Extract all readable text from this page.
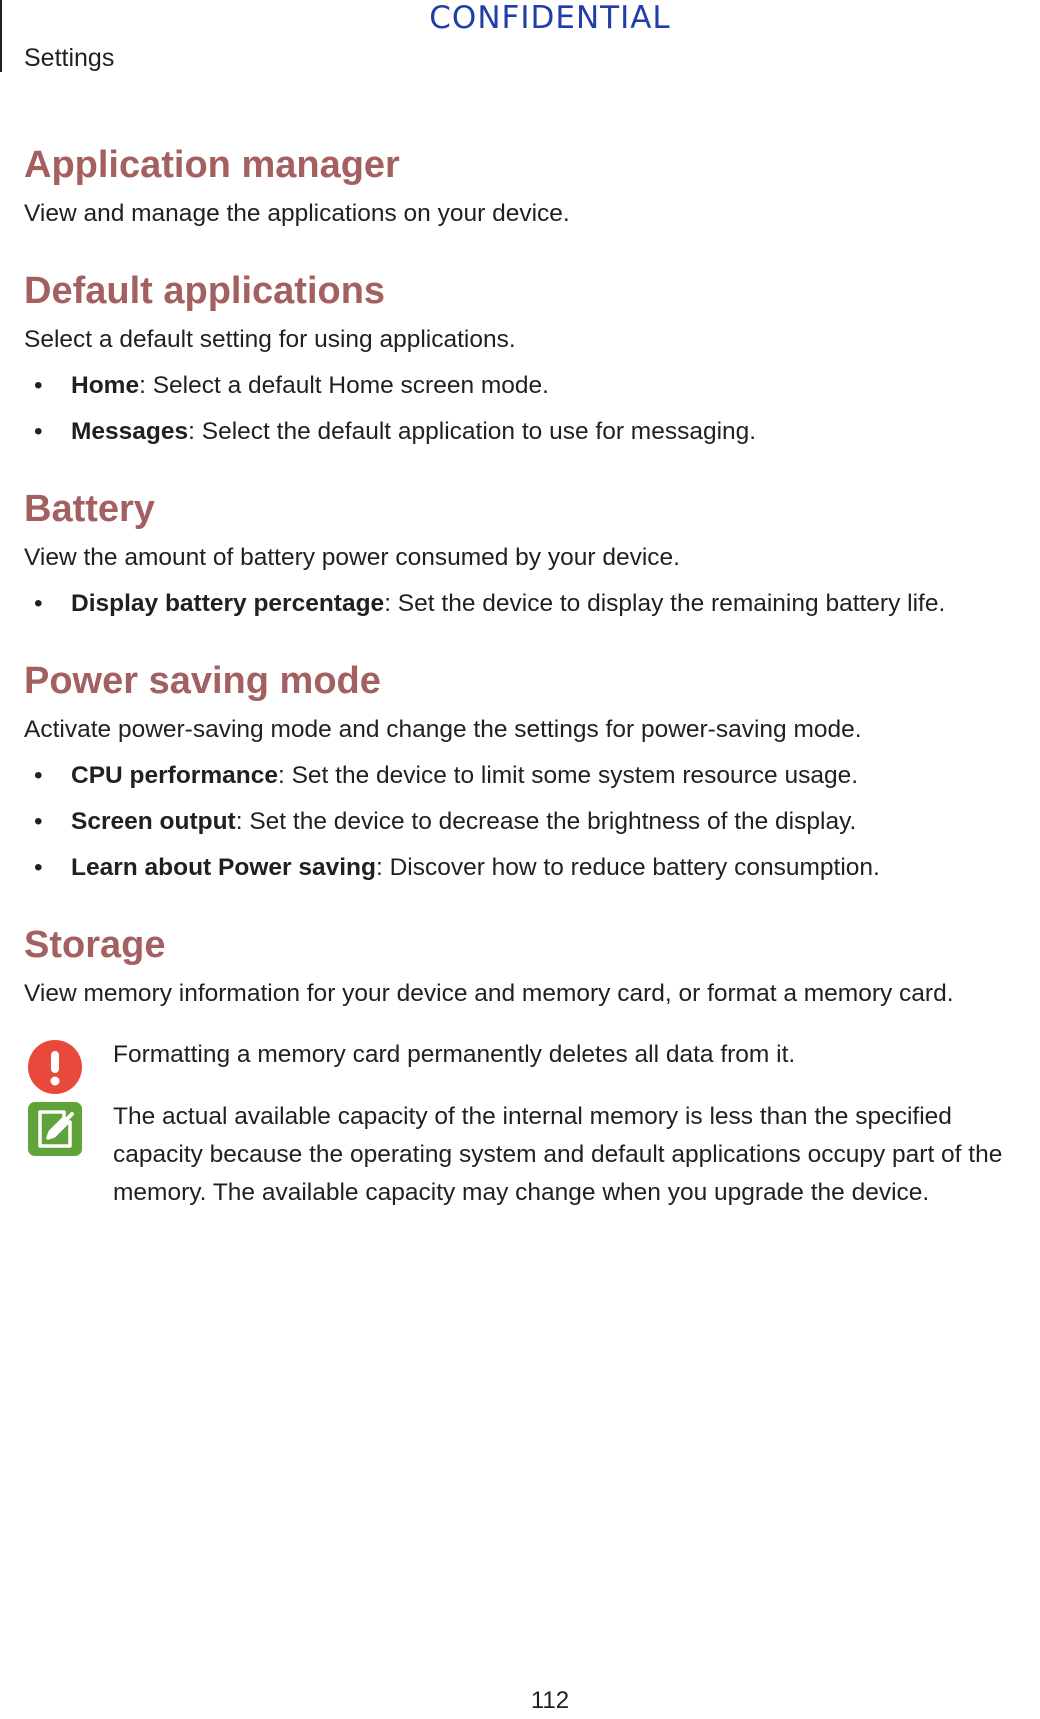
CONFIDENTIAL
Settings
Application manager

View and manage the applications on your device.

Default applications

Select a default setting for using applications.

• Home: Select a default Home screen mode.
• Messages: Select the default application to use for messaging.
Battery

View the amount of battery power consumed by your device.

• Display battery percentage: Set the device to display the remaining battery life.
Power saving mode

Activate power-saving mode and change the settings for power-saving mode.

• CPU performance: Set the device to limit some system resource usage.
• Screen output: Set the device to decrease the brightness of the display.
• Learn about Power saving: Discover how to reduce battery consumption.
Storage

View memory information for your device and memory card, or format a memory card.

Formatting a memory card permanently deletes all data from it.

The actual available capacity of the internal memory is less than the specified

capacity because the operating system and default applications occupy part of the

memory. The available capacity may change when you upgrade the device.

112
